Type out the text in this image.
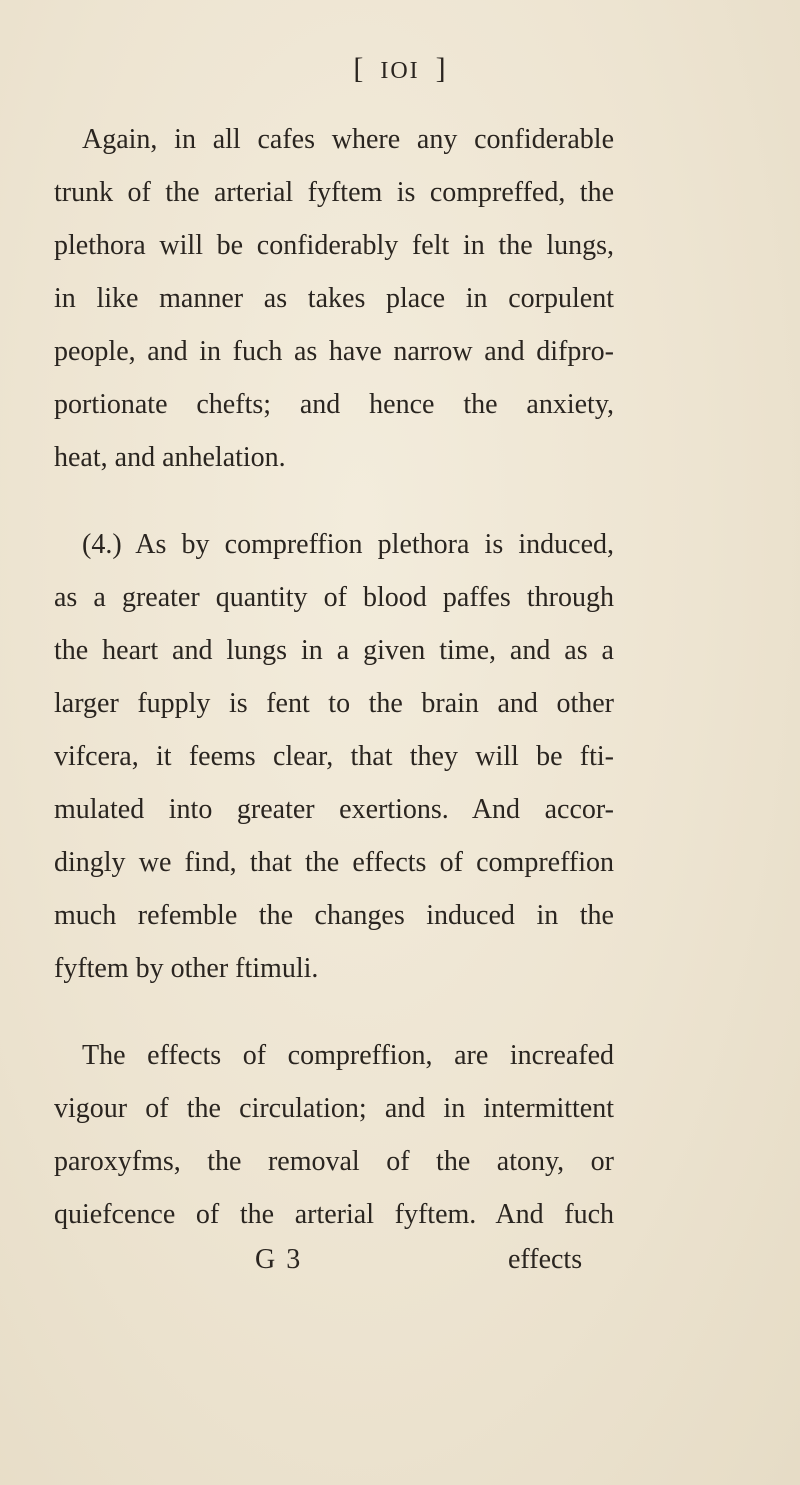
[ IOI ]
Again, in all cafes where any confiderable
trunk of the arterial fyftem is compreffed, the
plethora will be confiderably felt in the lungs,
in like manner as takes place in corpulent
people, and in fuch as have narrow and difpro-
portionate chefts; and hence the anxiety,
heat, and anhelation.
(4.) As by compreffion plethora is induced,
as a greater quantity of blood paffes through
the heart and lungs in a given time, and as a
larger fupply is fent to the brain and other
vifcera, it feems clear, that they will be fti-
mulated into greater exertions. And accor-
dingly we find, that the effects of compreffion
much refemble the changes induced in the
fyftem by other ftimuli.
The effects of compreffion, are increafed
vigour of the circulation; and in intermittent
paroxyfms, the removal of the atony, or
quiefcence of the arterial fyftem. And fuch
G 3	effects
